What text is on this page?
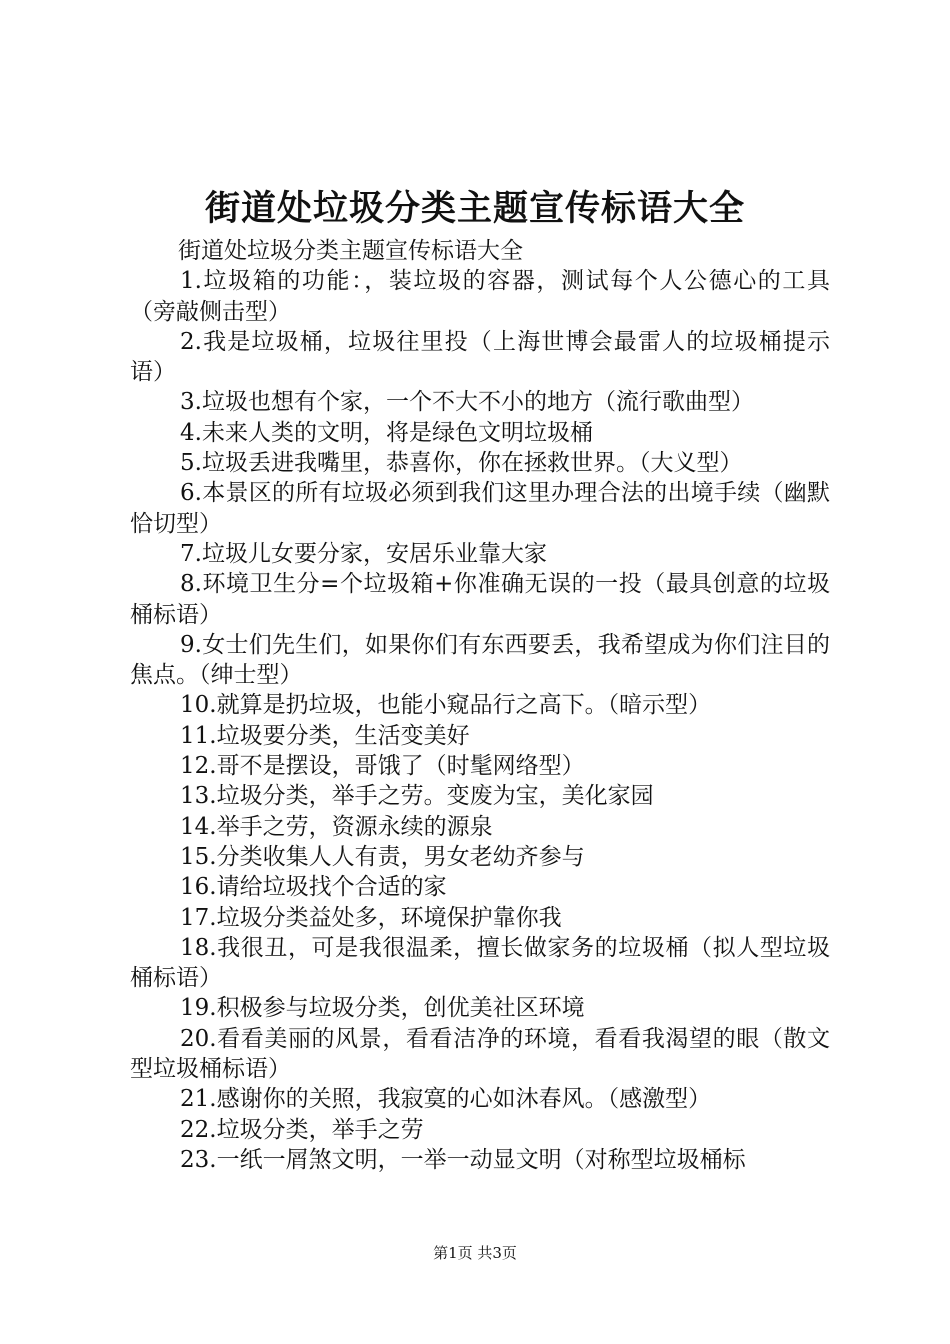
街道处垃圾分类主题宣传标语大全

街道处垃圾分类主题宣传标语大全

1.垃圾箱的功能：，装垃圾的容器，测试每个人公德心的工具（旁敲侧击型）

2.我是垃圾桶，垃圾往里投（上海世博会最雷人的垃圾桶提示语）

3.垃圾也想有个家，一个不大不小的地方（流行歌曲型）

4.未来人类的文明，将是绿色文明垃圾桶

5.垃圾丢进我嘴里，恭喜你，你在拯救世界。（大义型）

6.本景区的所有垃圾必须到我们这里办理合法的出境手续（幽默恰切型）

7.垃圾儿女要分家，安居乐业靠大家

8.环境卫生分=个垃圾箱+你准确无误的一投（最具创意的垃圾桶标语）

9.女士们先生们，如果你们有东西要丢，我希望成为你们注目的焦点。（绅士型）

10.就算是扔垃圾，也能小窥品行之高下。（暗示型）

11.垃圾要分类，生活变美好

12.哥不是摆设，哥饿了（时髦网络型）

13.垃圾分类，举手之劳。变废为宝，美化家园

14.举手之劳，资源永续的源泉

15.分类收集人人有责，男女老幼齐参与

16.请给垃圾找个合适的家

17.垃圾分类益处多，环境保护靠你我

18.我很丑，可是我很温柔，擅长做家务的垃圾桶（拟人型垃圾桶标语）

19.积极参与垃圾分类，创优美社区环境

20.看看美丽的风景，看看洁净的环境，看看我渴望的眼（散文型垃圾桶标语）

21.感谢你的关照，我寂寞的心如沐春风。（感激型）

22.垃圾分类，举手之劳

23.一纸一屑煞文明，一举一动显文明（对称型垃圾桶标

第1页 共3页
